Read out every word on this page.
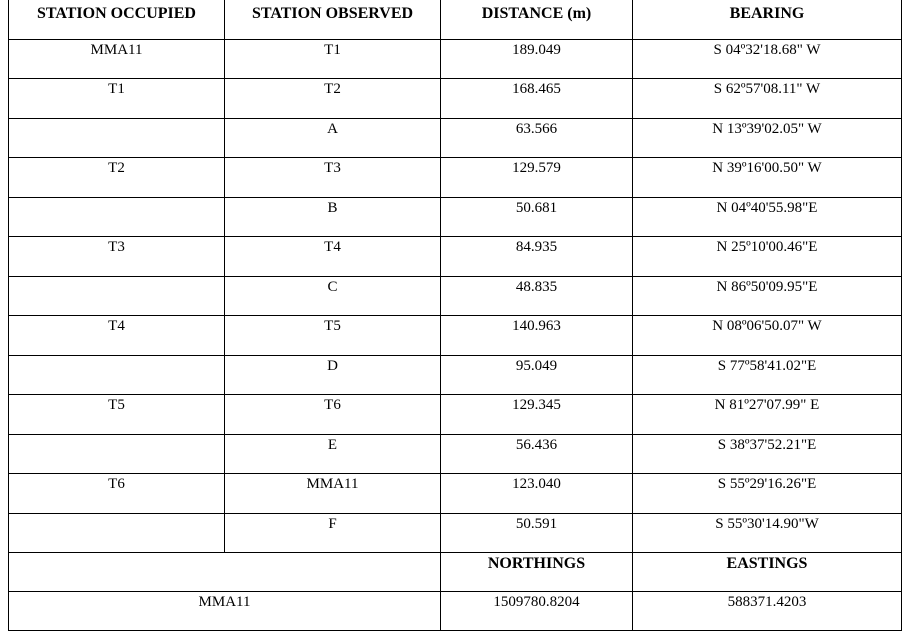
STATION OCCUPIED	STATION OBSERVED	DISTANCE (m)	BEARING
MMA11	T1	189.049	S 04º32'18.68" W
T1	T2	168.465	S 62º57'08.11" W
	A	63.566	N 13º39'02.05" W
T2	T3	129.579	N 39º16'00.50" W
	B	50.681	N 04º40'55.98"E
T3	T4	84.935	N 25º10'00.46"E
	C	48.835	N 86º50'09.95"E
T4	T5	140.963	N 08º06'50.07" W
	D	95.049	S 77º58'41.02"E
T5	T6	129.345	N 81º27'07.99" E
	E	56.436	S 38º37'52.21"E
T6	MMA11	123.040	S 55º29'16.26"E
	F	50.591	S 55º30'14.90"W
		NORTHINGS	EASTINGS
MMA11		1509780.8204	588371.4203
